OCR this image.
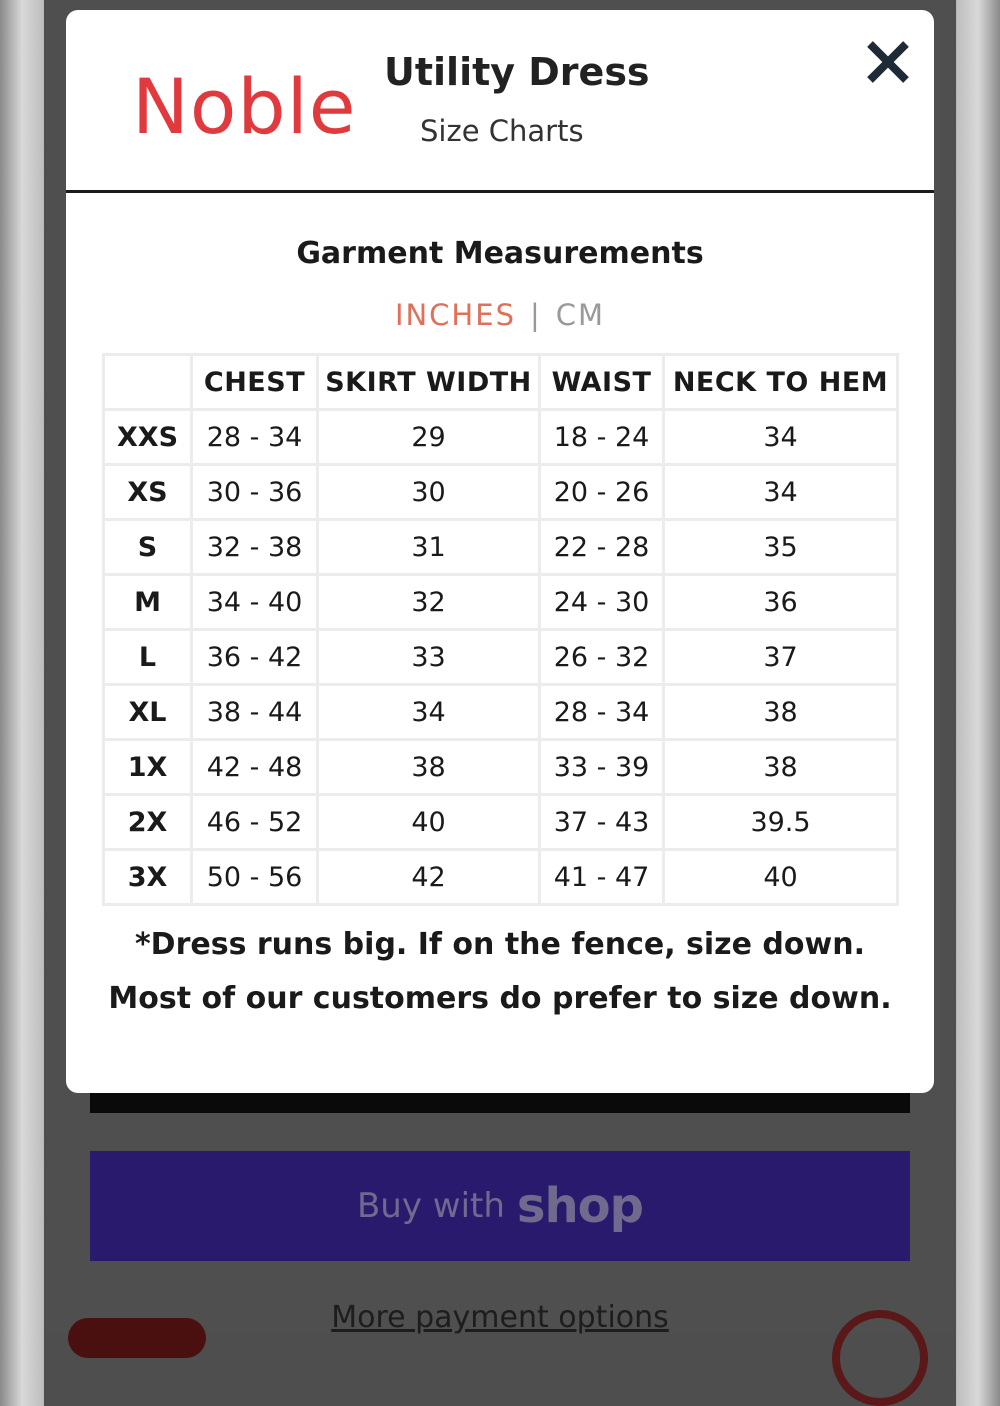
Buy with shop
More payment options
Noble Utility Dress
Size Charts
Garment Measurements
INCHES | CM
	CHEST	SKIRT WIDTH	WAIST	NECK TO HEM
XXS	28 - 34	29	18 - 24	34
XS	30 - 36	30	20 - 26	34
S	32 - 38	31	22 - 28	35
M	34 - 40	32	24 - 30	36
L	36 - 42	33	26 - 32	37
XL	38 - 44	34	28 - 34	38
1X	42 - 48	38	33 - 39	38
2X	46 - 52	40	37 - 43	39.5
3X	50 - 56	42	41 - 47	40
*Dress runs big. If on the fence, size down. Most of our customers do prefer to size down.
